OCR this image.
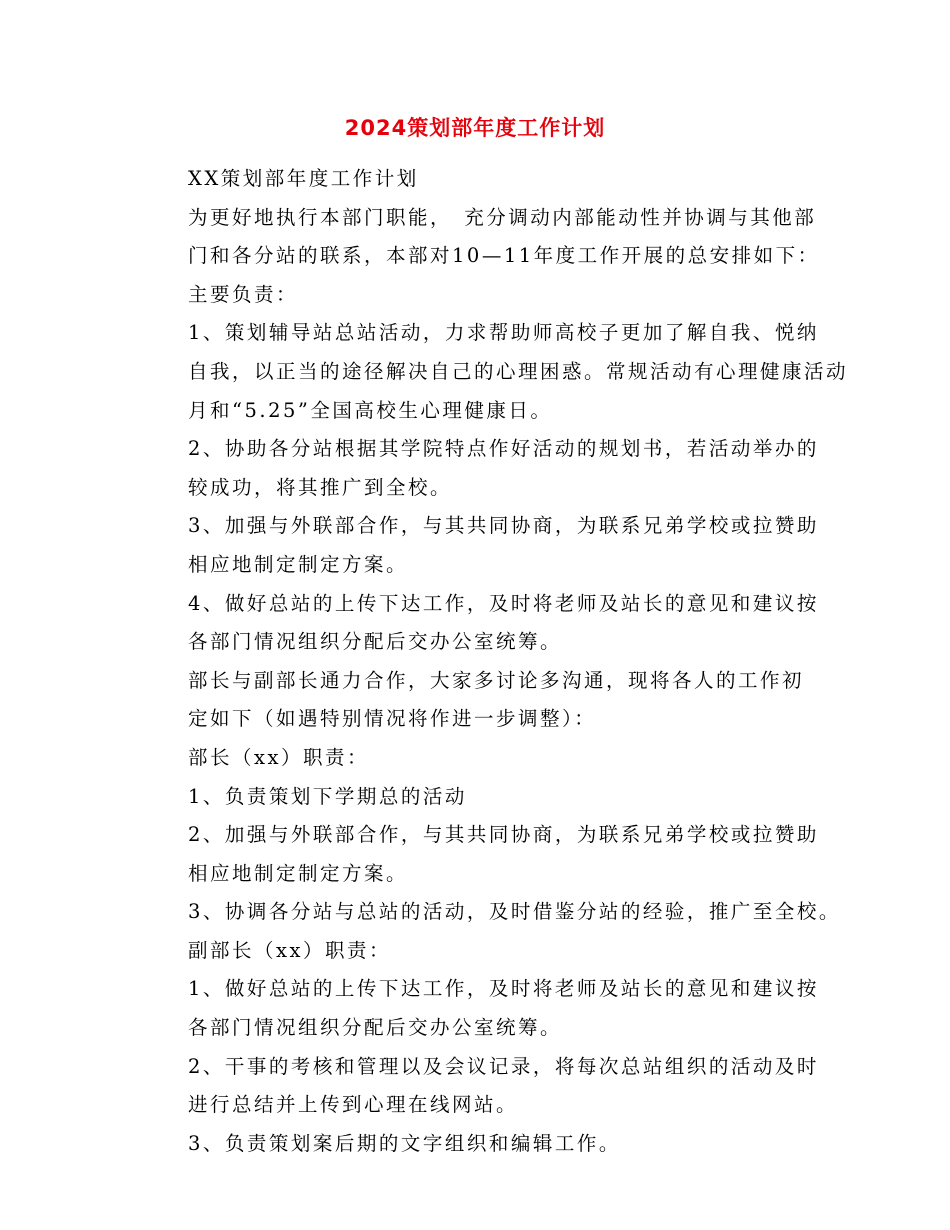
2024策划部年度工作计划

XX策划部年度工作计划

为更好地执行本部门职能，　充分调动内部能动性并协调与其他部
门和各分站的联系，本部对10—11年度工作开展的总安排如下：

主要负责：

1、策划辅导站总站活动，力求帮助师高校子更加了解自我、悦纳
自我，以正当的途径解决自己的心理困惑。常规活动有心理健康活动
月和“5.25”全国高校生心理健康日。

2、协助各分站根据其学院特点作好活动的规划书，若活动举办的
较成功，将其推广到全校。

3、加强与外联部合作，与其共同协商，为联系兄弟学校或拉赞助
相应地制定制定方案。

4、做好总站的上传下达工作，及时将老师及站长的意见和建议按
各部门情况组织分配后交办公室统筹。

部长与副部长通力合作，大家多讨论多沟通，现将各人的工作初
定如下（如遇特别情况将作进一步调整）：

部长（xx）职责：

1、负责策划下学期总的活动

2、加强与外联部合作，与其共同协商，为联系兄弟学校或拉赞助
相应地制定制定方案。

3、协调各分站与总站的活动，及时借鉴分站的经验，推广至全校。

副部长（xx）职责：

1、做好总站的上传下达工作，及时将老师及站长的意见和建议按
各部门情况组织分配后交办公室统筹。

2、干事的考核和管理以及会议记录，将每次总站组织的活动及时
进行总结并上传到心理在线网站。

3、负责策划案后期的文字组织和编辑工作。
